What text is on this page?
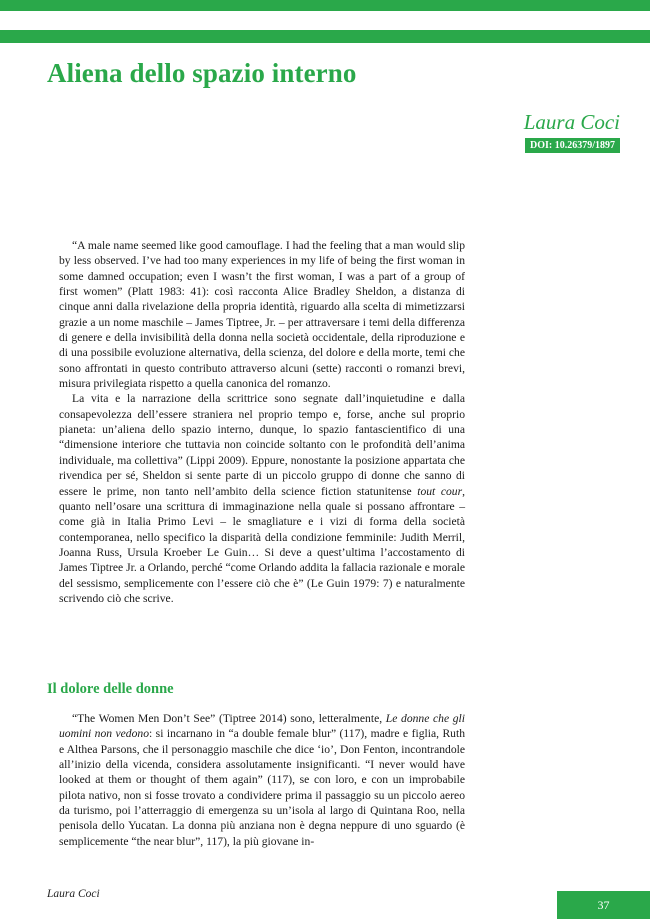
Aliena dello spazio interno

Laura Coci

DOI: 10.26379/1897

“A male name seemed like good camouflage. I had the feeling that a man would slip by less observed. I’ve had too many experiences in my life of being the first woman in some damned occupation; even I wasn’t the first woman, I was a part of a group of first women” (Platt 1983: 41): così racconta Alice Bradley Sheldon, a distanza di cinque anni dalla rivelazione della propria identità, riguardo alla scelta di mimetizzarsi grazie a un nome maschile – James Tiptree, Jr. – per attraversare i temi della differenza di genere e della invisibilità della donna nella società occidentale, della riproduzione e di una possibile evoluzione alternativa, della scienza, del dolore e della morte, temi che sono affrontati in questo contributo attraverso alcuni (sette) racconti o romanzi brevi, misura privilegiata rispetto a quella canonica del romanzo.

La vita e la narrazione della scrittrice sono segnate dall’inquietudine e dalla consapevolezza dell’essere straniera nel proprio tempo e, forse, anche sul proprio pianeta: un’aliena dello spazio interno, dunque, lo spazio fantascientifico di una “dimensione interiore che tuttavia non coincide soltanto con le profondità dell’anima individuale, ma collettiva” (Lippi 2009). Eppure, nonostante la posizione appartata che rivendica per sé, Sheldon si sente parte di un piccolo gruppo di donne che sanno di essere le prime, non tanto nell’ambito della science fiction statunitense tout cour, quanto nell’osare una scrittura di immaginazione nella quale si possano affrontare – come già in Italia Primo Levi – le smagliature e i vizi di forma della società contemporanea, nello specifico la disparità della condizione femminile: Judith Merril, Joanna Russ, Ursula Kroeber Le Guin… Si deve a quest’ultima l’accostamento di James Tiptree Jr. a Orlando, perché “come Orlando addita la fallacia razionale e morale del sessismo, semplicemente con l’essere ciò che è” (Le Guin 1979: 7) e naturalmente scrivendo ciò che scrive.

Il dolore delle donne

“The Women Men Don’t See” (Tiptree 2014) sono, letteralmente, Le donne che gli uomini non vedono: si incarnano in “a double female blur” (117), madre e figlia, Ruth e Althea Parsons, che il personaggio maschile che dice ‘io’, Don Fenton, incontrandole all’inizio della vicenda, considera assolutamente insignificanti. “I never would have looked at them or thought of them again” (117), se con loro, e con un improbabile pilota nativo, non si fosse trovato a condividere prima il passaggio su un piccolo aereo da turismo, poi l’atterraggio di emergenza su un’isola al largo di Quintana Roo, nella penisola dello Yucatan. La donna più anziana non è degna neppure di uno sguardo (è semplicemente “the near blur”, 117), la più giovane in-

Laura Coci

37
